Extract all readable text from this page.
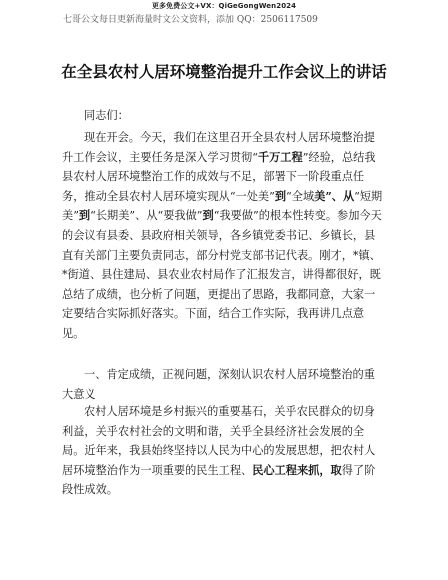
更多免费公文+VX：QiGeGongWen2024
七哥公文每日更新海量时文公文资料，添加 QQ：2506117509
在全县农村人居环境整治提升工作会议上的讲话

同志们：

现在开会。今天，我们在这里召开全县农村人居环境整治提升工作会议，主要任务是深入学习贯彻“千万工程”经验，总结我县农村人居环境整治工作的成效与不足，部署下一阶段重点任务，推动全县农村人居环境实现从“一处美”到“全域美”、从“短期美”到“长期美”、从“要我做”到“我要做”的根本性转变。参加今天的会议有县委、县政府相关领导，各乡镇党委书记、乡镇长，县直有关部门主要负责同志，部分村党支部书记代表。刚才，*镇、*街道、县住建局、县农业农村局作了汇报发言，讲得都很好，既总结了成绩，也分析了问题，更提出了思路，我都同意，大家一定要结合实际抓好落实。下面，结合工作实际，我再讲几点意见。

一、肯定成绩，正视问题，深刻认识农村人居环境整治的重大意义

农村人居环境是乡村振兴的重要基石，关乎农民群众的切身利益，关乎农村社会的文明和谐，关乎全县经济社会发展的全局。近年来，我县始终坚持以人民为中心的发展思想，把农村人居环境整治作为一项重要的民生工程、民心工程来抓，取得了阶段性成效。
